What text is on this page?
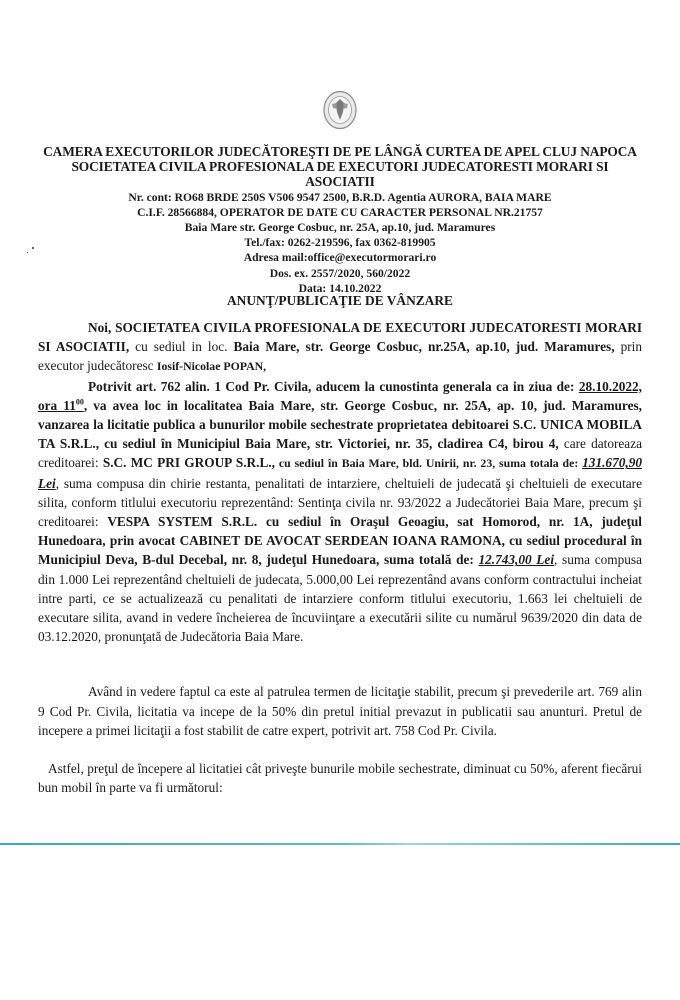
CAMERA EXECUTORILOR JUDECĂTOREŞTI DE PE LÂNGĂ CURTEA DE APEL CLUJ NAPOCA
SOCIETATEA CIVILA PROFESIONALA DE EXECUTORI JUDECATORESTI MORARI SI ASOCIATII
Nr. cont: RO68 BRDE 250S V506 9547 2500, B.R.D. Agentia AURORA, BAIA MARE
C.I.F. 28566884, OPERATOR DE DATE CU CARACTER PERSONAL NR.21757
Baia Mare str. George Cosbuc, nr. 25A, ap.10, jud. Maramures
Tel./fax: 0262-219596, fax 0362-819905
Adresa mail:office@executormorari.ro
Dos. ex. 2557/2020, 560/2022
Data: 14.10.2022
ANUNŢ/PUBLICAŢIE DE VÂNZARE

Noi, SOCIETATEA CIVILA PROFESIONALA DE EXECUTORI JUDECATORESTI MORARI SI ASOCIATII, cu sediul in loc. Baia Mare, str. George Cosbuc, nr.25A, ap.10, jud. Maramures, prin executor judecătoresc Iosif-Nicolae POPAN,

Potrivit art. 762 alin. 1 Cod Pr. Civila, aducem la cunostinta generala ca in ziua de: 28.10.2022, ora $11^{00}$, va avea loc in localitatea Baia Mare, str. George Cosbuc, nr. 25A, ap. 10, jud. Maramures, vanzarea la licitatie publica a bunurilor mobile sechestrate proprietatea debitoarei S.C. UNICA MOBILA TA S.R.L., cu sediul în Municipiul Baia Mare, str. Victoriei, nr. 35, cladirea C4, birou 4, care datoreaza creditoarei: S.C. MC PRI GROUP S.R.L., cu sediul în Baia Mare, bld. Unirii, nr. 23, suma totala de: 131.670,90 Lei, suma compusa din chirie restanta, penalitati de intarziere, cheltuieli de judecată şi cheltuieli de executare silita, conform titlului executoriu reprezentând: Sentinţa civila nr. 93/2022 a Judecătoriei Baia Mare, precum şi creditoarei: VESPA SYSTEM S.R.L. cu sediul în Oraşul Geoagiu, sat Homorod, nr. 1A, judeţul Hunedoara, prin avocat CABINET DE AVOCAT SERDEAN IOANA RAMONA, cu sediul procedural în Municipiul Deva, B-dul Decebal, nr. 8, judeţul Hunedoara, suma totală de: 12.743,00 Lei, suma compusa din 1.000 Lei reprezentând cheltuieli de judecata, 5.000,00 Lei reprezentând avans conform contractului incheiat intre parti, ce se actualizează cu penalitati de intarziere conform titlului executoriu, 1.663 lei cheltuieli de executare silita, avand in vedere încheierea de încuviinţare a executării silite cu numărul 9639/2020 din data de 03.12.2020, pronunţată de Judecătoria Baia Mare.

Având in vedere faptul ca este al patrulea termen de licitaţie stabilit, precum şi prevederile art. 769 alin 9 Cod Pr. Civila, licitatia va incepe de la 50% din pretul initial prevazut in publicatii sau anunturi. Pretul de incepere a primei licitaţii a fost stabilit de catre expert, potrivit art. 758 Cod Pr. Civila.

Astfel, preţul de începere al licitatiei cât priveşte bunurile mobile sechestrate, diminuat cu 50%, aferent fiecărui bun mobil în parte va fi următorul:
